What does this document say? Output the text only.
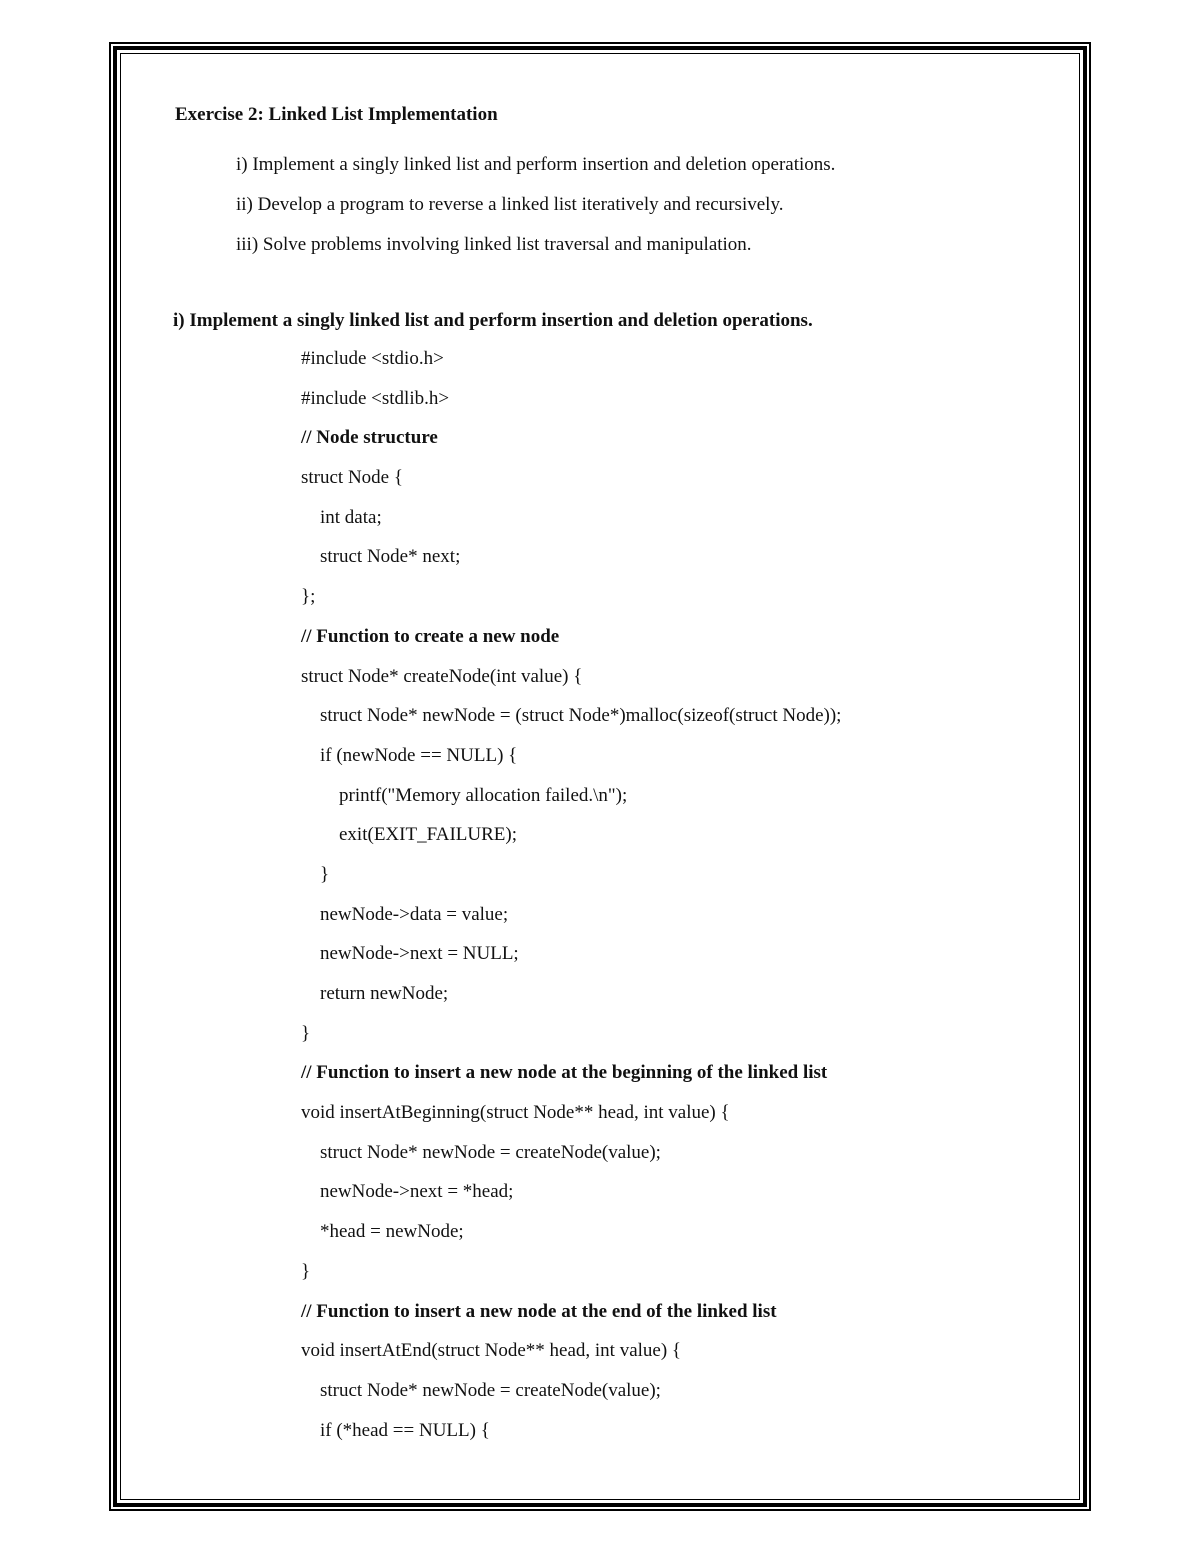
Exercise 2: Linked List Implementation
i) Implement a singly linked list and perform insertion and deletion operations.
ii) Develop a program to reverse a linked list iteratively and recursively.
iii) Solve problems involving linked list traversal and manipulation.
i) Implement a singly linked list and perform insertion and deletion operations.
#include <stdio.h>
#include <stdlib.h>
// Node structure
struct Node {
int data;
struct Node* next;
};
// Function to create a new node
struct Node* createNode(int value) {
struct Node* newNode = (struct Node*)malloc(sizeof(struct Node));
if (newNode == NULL) {
printf("Memory allocation failed.\n");
exit(EXIT_FAILURE);
}
newNode->data = value;
newNode->next = NULL;
return newNode;
}
// Function to insert a new node at the beginning of the linked list
void insertAtBeginning(struct Node** head, int value) {
struct Node* newNode = createNode(value);
newNode->next = *head;
*head = newNode;
}
// Function to insert a new node at the end of the linked list
void insertAtEnd(struct Node** head, int value) {
struct Node* newNode = createNode(value);
if (*head == NULL) {
